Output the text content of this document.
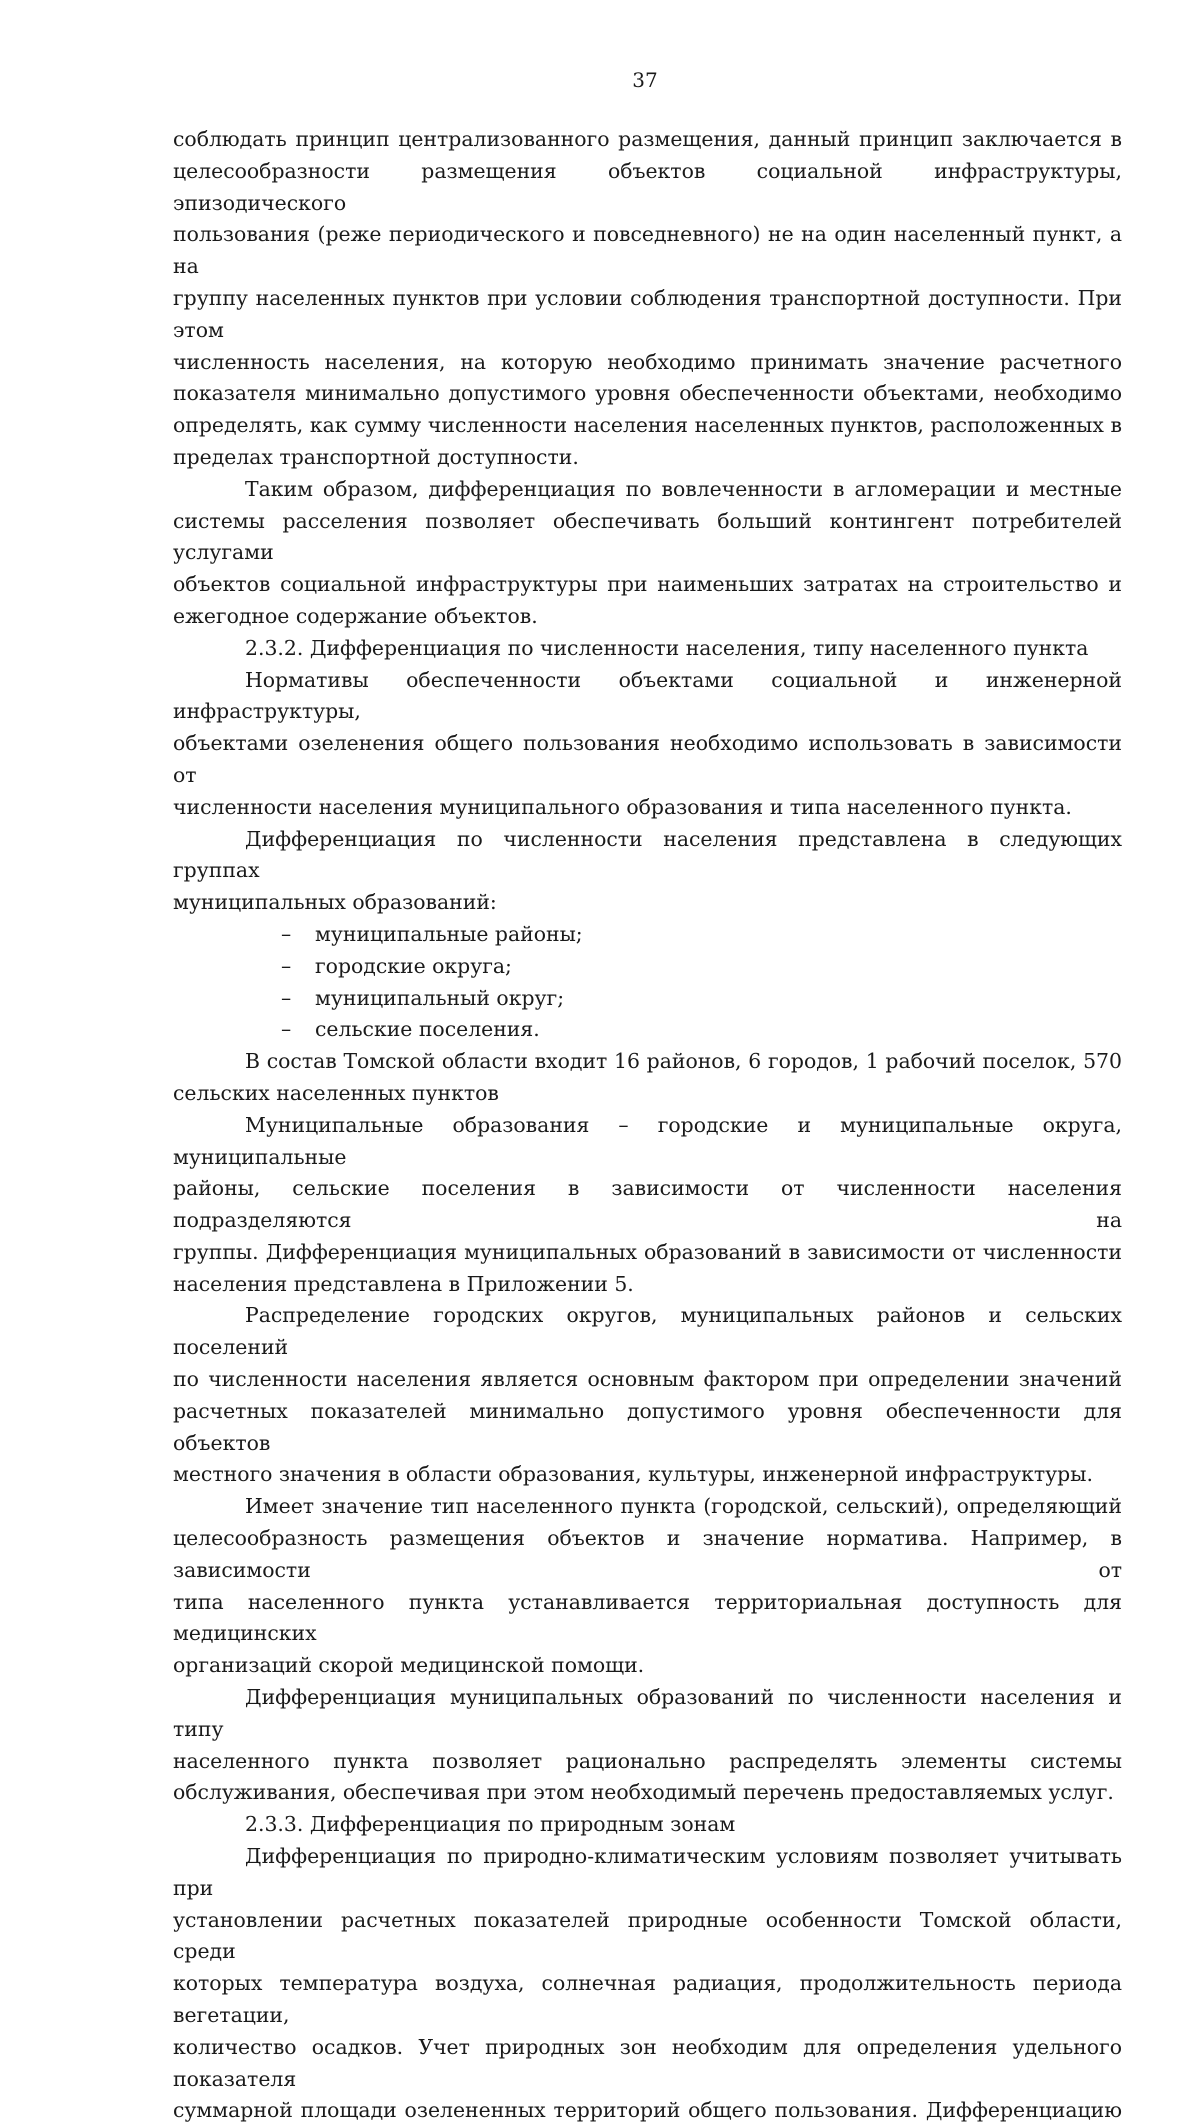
37

соблюдать принцип централизованного размещения, данный принцип заключается в
целесообразности размещения объектов социальной инфраструктуры, эпизодического
пользования (реже периодического и повседневного) не на один населенный пункт, а на
группу населенных пунктов при условии соблюдения транспортной доступности. При этом
численность населения, на которую необходимо принимать значение расчетного
показателя минимально допустимого уровня обеспеченности объектами, необходимо
определять, как сумму численности населения населенных пунктов, расположенных в
пределах транспортной доступности.

Таким образом, дифференциация по вовлеченности в агломерации и местные
системы расселения позволяет обеспечивать больший контингент потребителей услугами
объектов социальной инфраструктуры при наименьших затратах на строительство и
ежегодное содержание объектов.

2.3.2. Дифференциация по численности населения, типу населенного пункта

Нормативы обеспеченности объектами социальной и инженерной инфраструктуры,
объектами озеленения общего пользования необходимо использовать в зависимости от
численности населения муниципального образования и типа населенного пункта.

Дифференциация по численности населения представлена в следующих группах
муниципальных образований:

– муниципальные районы;
– городские округа;
– муниципальный округ;
– сельские поселения.

В состав Томской области входит 16 районов, 6 городов, 1 рабочий поселок, 570
сельских населенных пунктов

Муниципальные образования – городские и муниципальные округа, муниципальные
районы, сельские поселения в зависимости от численности населения подразделяются на
группы. Дифференциация муниципальных образований в зависимости от численности
населения представлена в Приложении 5.

Распределение городских округов, муниципальных районов и сельских поселений
по численности населения является основным фактором при определении значений
расчетных показателей минимально допустимого уровня обеспеченности для объектов
местного значения в области образования, культуры, инженерной инфраструктуры.

Имеет значение тип населенного пункта (городской, сельский), определяющий
целесообразность размещения объектов и значение норматива. Например, в зависимости от
типа населенного пункта устанавливается территориальная доступность для медицинских
организаций скорой медицинской помощи.

Дифференциация муниципальных образований по численности населения и типу
населенного пункта позволяет рационально распределять элементы системы
обслуживания, обеспечивая при этом необходимый перечень предоставляемых услуг.

2.3.3. Дифференциация по природным зонам

Дифференциация по природно-климатическим условиям позволяет учитывать при
установлении расчетных показателей природные особенности Томской области, среди
которых температура воздуха, солнечная радиация, продолжительность периода вегетации,
количество осадков. Учет природных зон необходим для определения удельного показателя
суммарной площади озелененных территорий общего пользования. Дифференциацию
